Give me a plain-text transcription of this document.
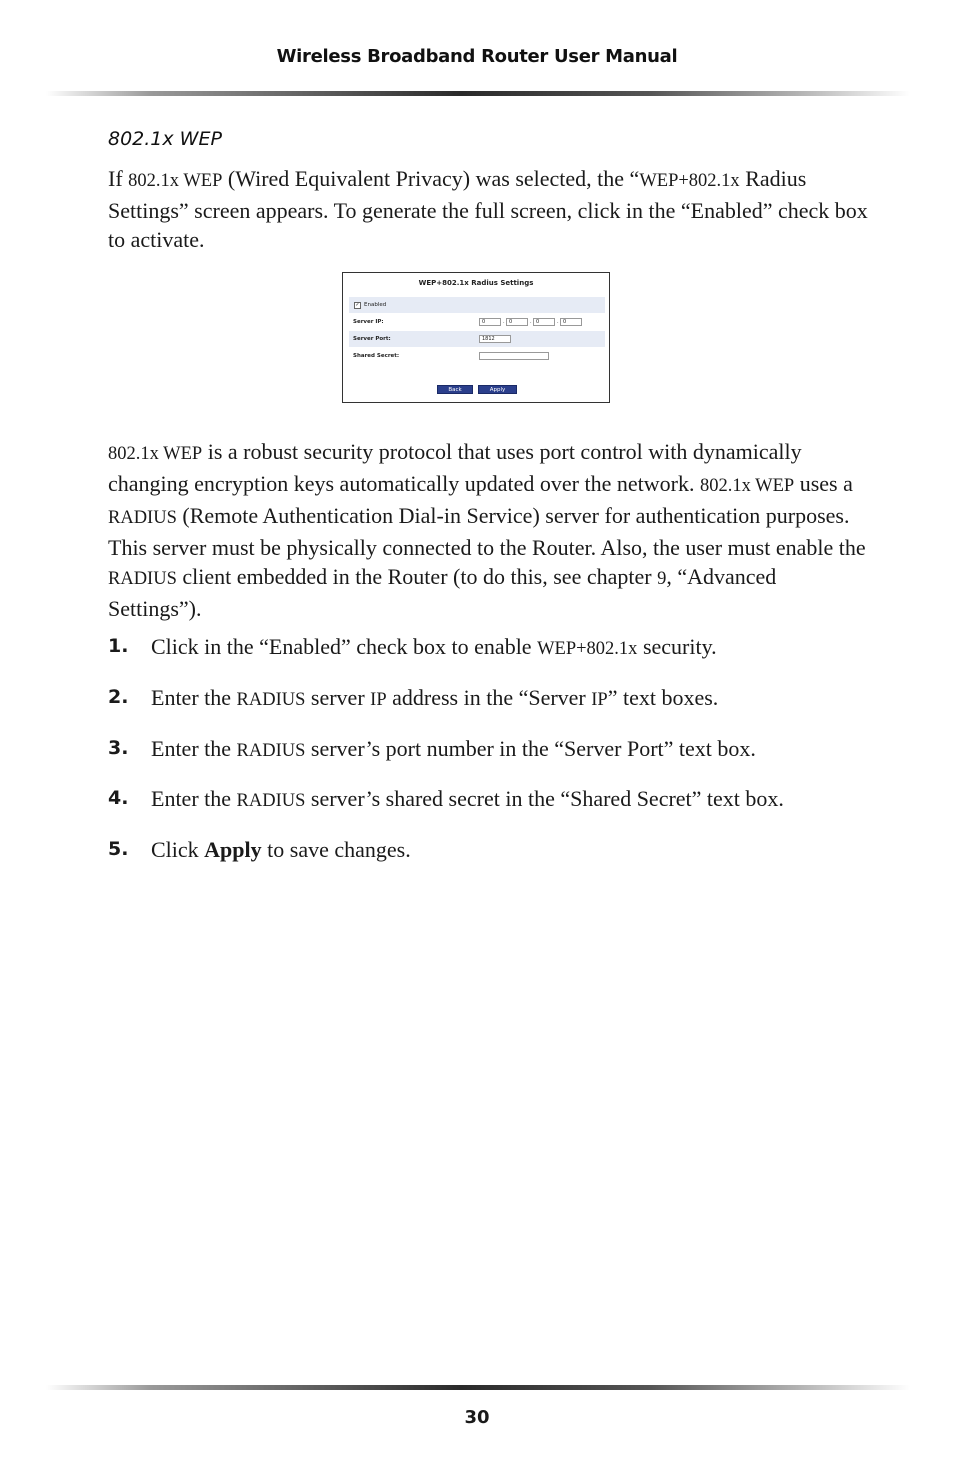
Wireless Broadband Router User Manual
802.1x WEP

If 802.1x WEP (Wired Equivalent Privacy) was selected, the “WEP+802.1x Radius Settings” screen appears. To generate the full screen, click in the “Enabled” check box to activate.

WEP+802.1x Radius Settings
✓ Enabled
Server IP:	0	. 0	. 0	. 0
Server Port:	1812
Shared Secret:
Back	Apply

802.1x WEP is a robust security protocol that uses port control with dynamically changing encryption keys automatically updated over the network. 802.1x WEP uses a RADIUS (Remote Authentication Dial-in Service) server for authentication purposes. This server must be physically connected to the Router. Also, the user must enable the RADIUS client embedded in the Router (to do this, see chapter 9, “Advanced Settings”).

1. Click in the “Enabled” check box to enable WEP+802.1x security.
2. Enter the RADIUS server IP address in the “Server IP” text boxes.
3. Enter the RADIUS server’s port number in the “Server Port” text box.
4. Enter the RADIUS server’s shared secret in the “Shared Secret” text box.
5. Click Apply to save changes.
30
